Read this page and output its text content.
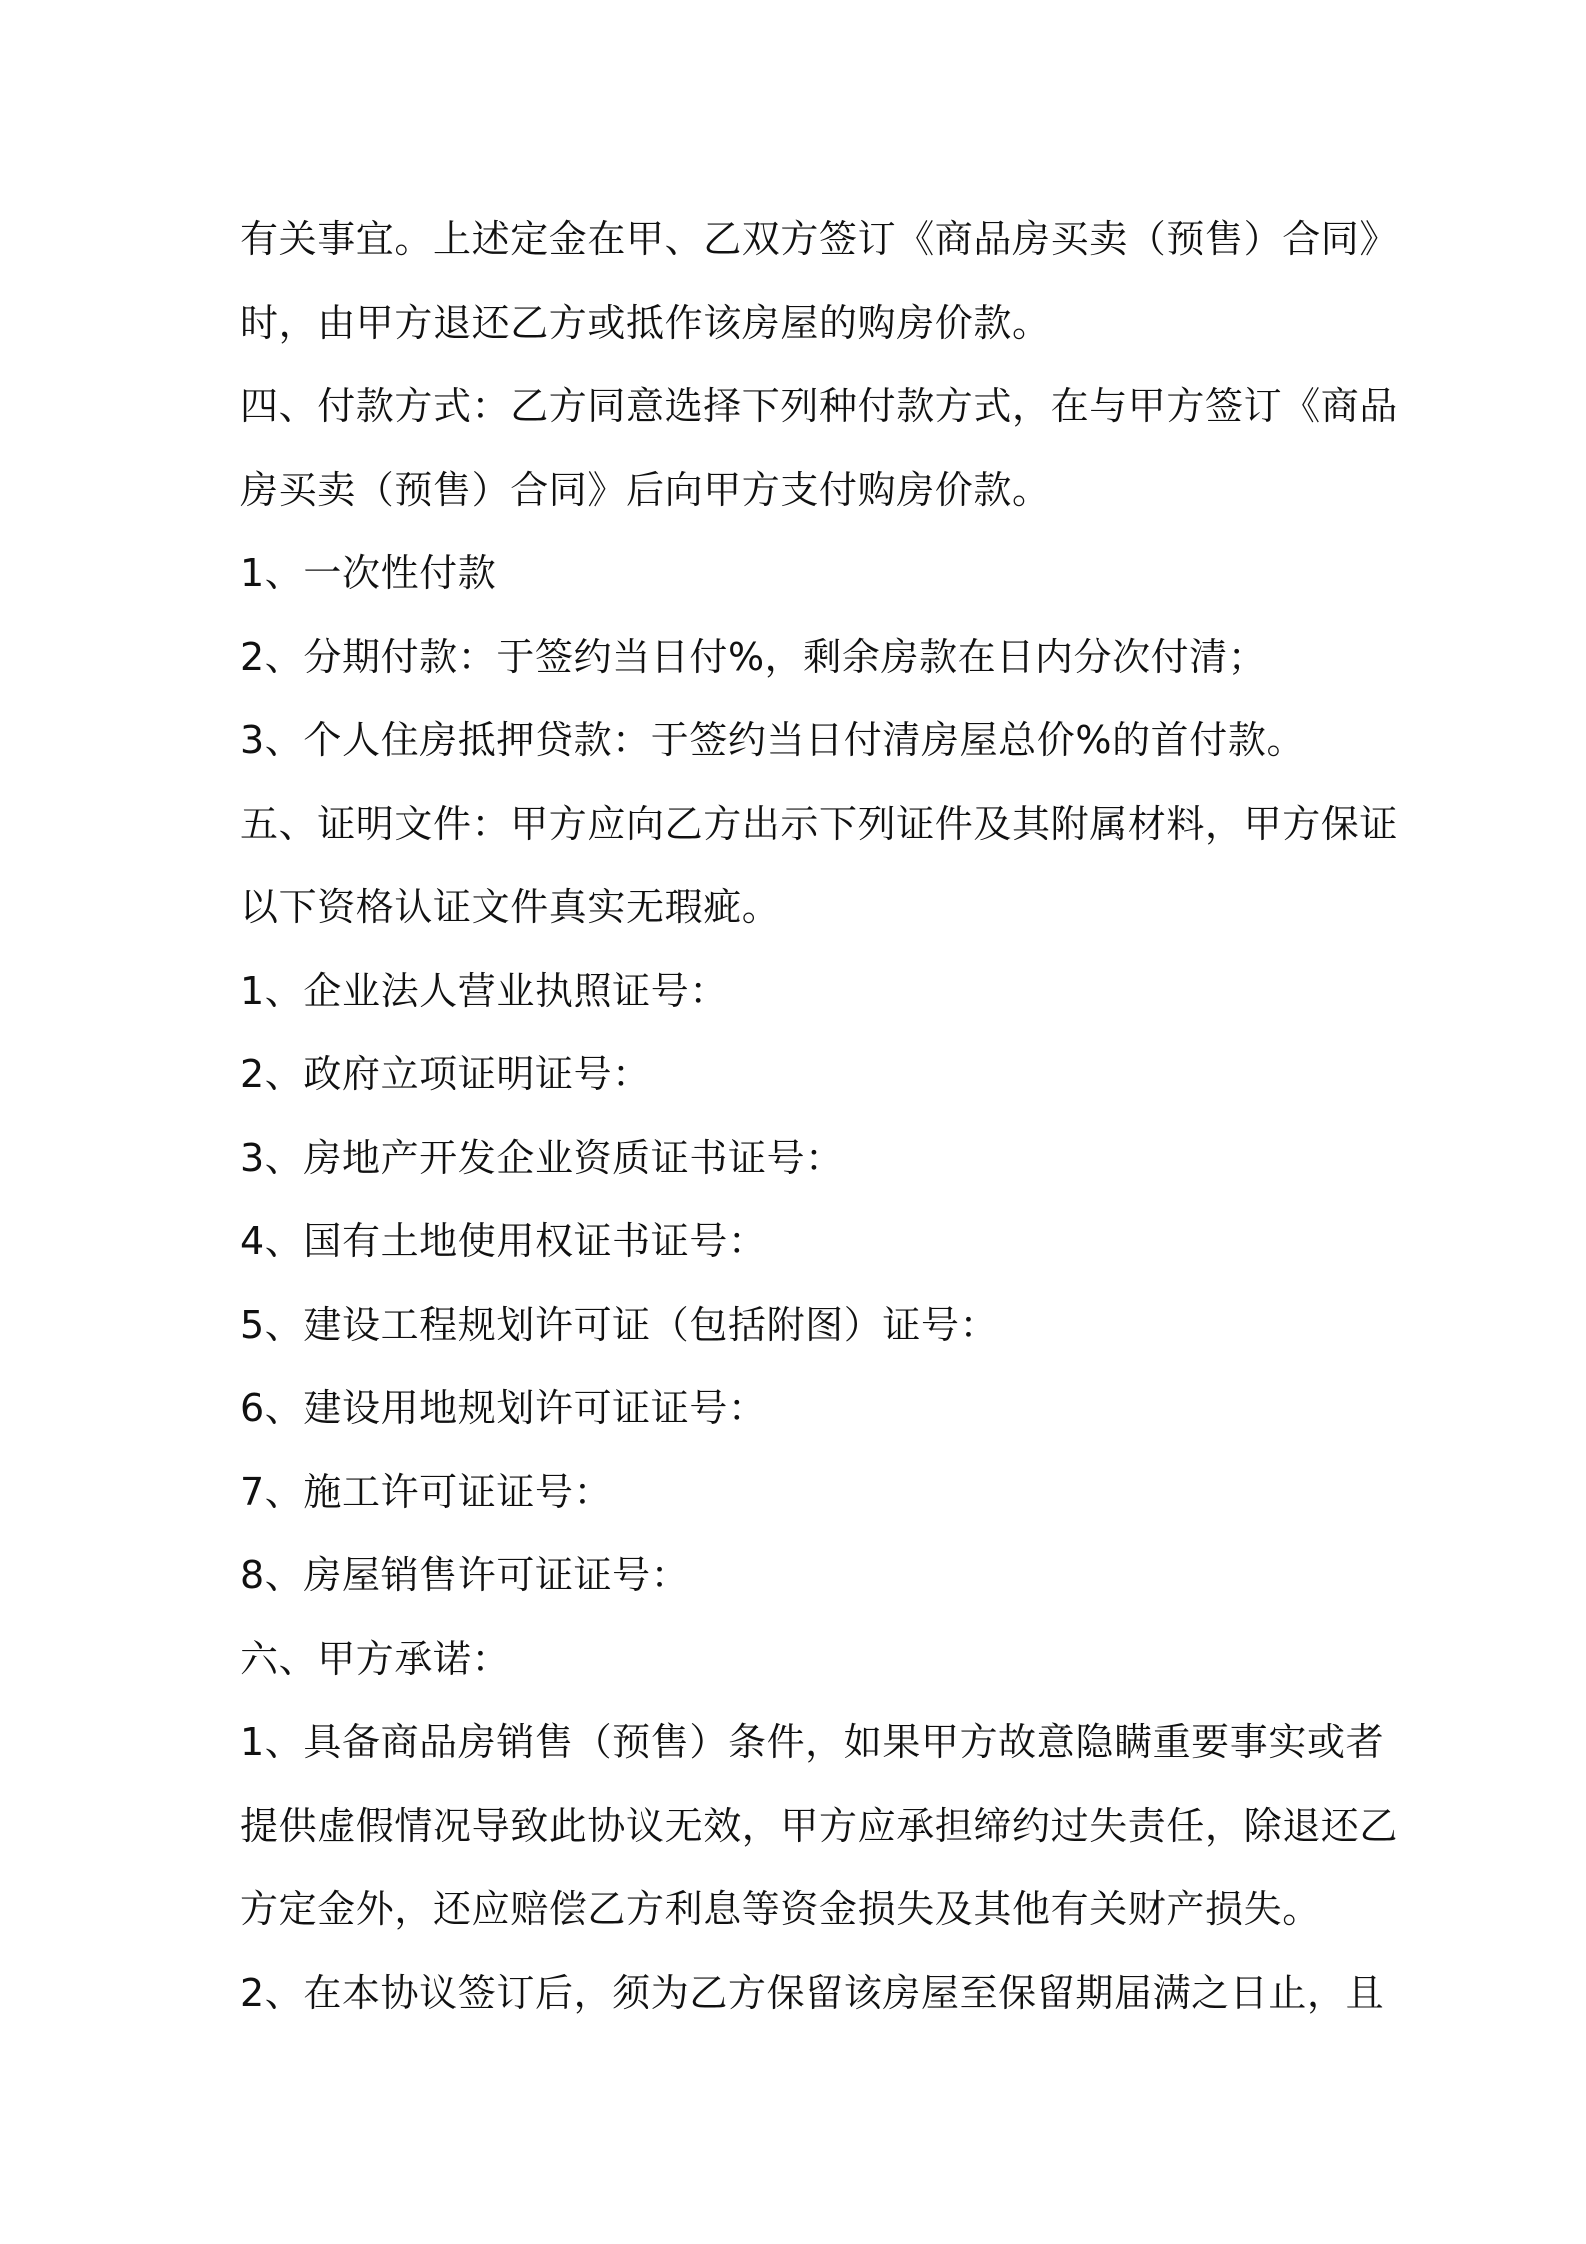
有关事宜。上述定金在甲、乙双方签订《商品房买卖（预售）合同》
时，由甲方退还乙方或抵作该房屋的购房价款。
四、付款方式：乙方同意选择下列种付款方式，在与甲方签订《商品
房买卖（预售）合同》后向甲方支付购房价款。
1、一次性付款
2、分期付款：于签约当日付%，剩余房款在日内分次付清；
3、个人住房抵押贷款：于签约当日付清房屋总价%的首付款。
五、证明文件：甲方应向乙方出示下列证件及其附属材料，甲方保证
以下资格认证文件真实无瑕疵。
1、企业法人营业执照证号：
2、政府立项证明证号：
3、房地产开发企业资质证书证号：
4、国有土地使用权证书证号：
5、建设工程规划许可证（包括附图）证号：
6、建设用地规划许可证证号：
7、施工许可证证号：
8、房屋销售许可证证号：
六、甲方承诺：
1、具备商品房销售（预售）条件，如果甲方故意隐瞒重要事实或者
提供虚假情况导致此协议无效，甲方应承担缔约过失责任，除退还乙
方定金外，还应赔偿乙方利息等资金损失及其他有关财产损失。
2、在本协议签订后，须为乙方保留该房屋至保留期届满之日止，且
